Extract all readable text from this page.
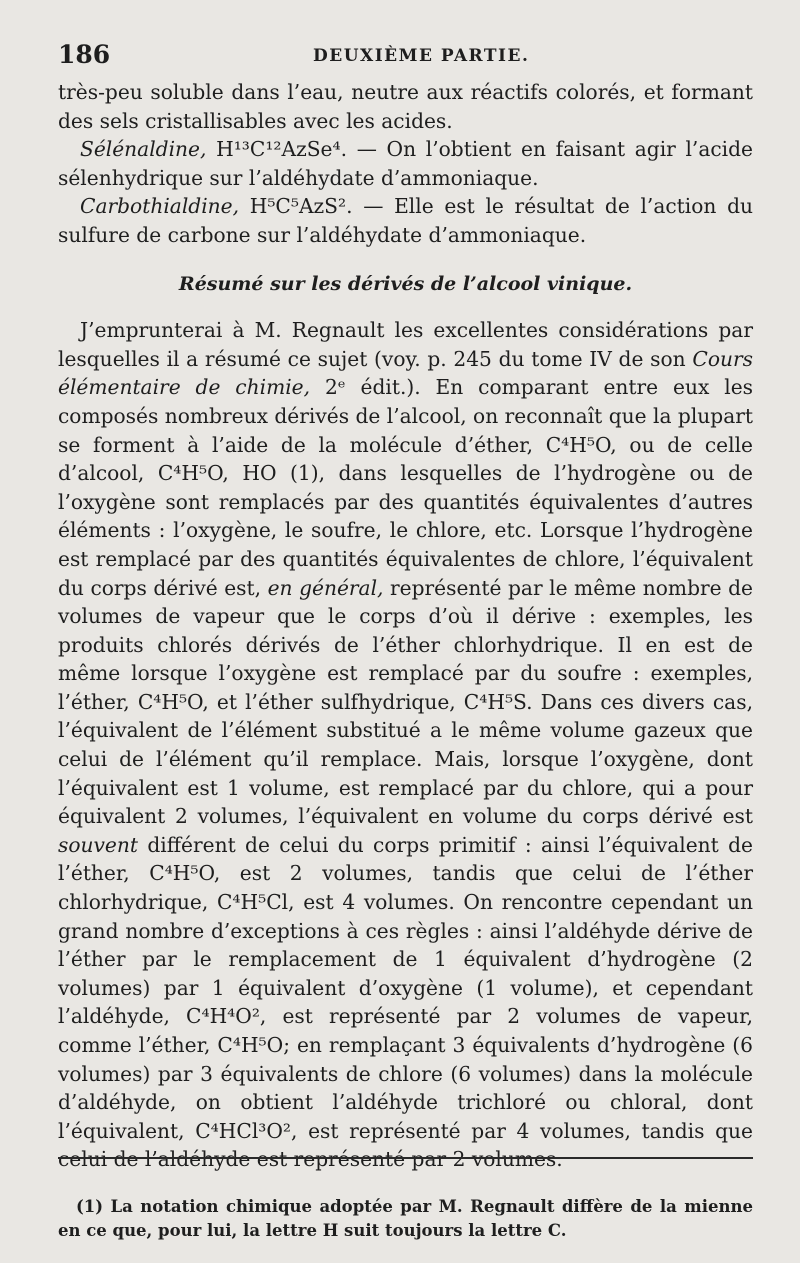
186	DEUXIÈME PARTIE.

très-peu soluble dans l’eau, neutre aux réactifs colorés, et formant des sels cristallisables avec les acides.

Sélénaldine, H¹³C¹²AzSe⁴. — On l’obtient en faisant agir l’acide sélenhydrique sur l’aldéhydate d’ammoniaque.

Carbothialdine, H⁵C⁵AzS². — Elle est le résultat de l’action du sulfure de carbone sur l’aldéhydate d’ammoniaque.

Résumé sur les dérivés de l’alcool vinique.

J’emprunterai à M. Regnault les excellentes considérations par lesquelles il a résumé ce sujet (voy. p. 245 du tome IV de son Cours élémentaire de chimie, 2ᵉ édit.). En comparant entre eux les composés nombreux dérivés de l’alcool, on reconnaît que la plupart se forment à l’aide de la molécule d’éther, C⁴H⁵O, ou de celle d’alcool, C⁴H⁵O, HO (1), dans lesquelles de l’hydrogène ou de l’oxygène sont remplacés par des quantités équivalentes d’autres éléments : l’oxygène, le soufre, le chlore, etc. Lorsque l’hydrogène est remplacé par des quantités équivalentes de chlore, l’équivalent du corps dérivé est, en général, représenté par le même nombre de volumes de vapeur que le corps d’où il dérive : exemples, les produits chlorés dérivés de l’éther chlorhydrique. Il en est de même lorsque l’oxygène est remplacé par du soufre : exemples, l’éther, C⁴H⁵O, et l’éther sulfhydrique, C⁴H⁵S. Dans ces divers cas, l’équivalent de l’élément substitué a le même volume gazeux que celui de l’élément qu’il remplace. Mais, lorsque l’oxygène, dont l’équivalent est 1 volume, est remplacé par du chlore, qui a pour équivalent 2 volumes, l’équivalent en volume du corps dérivé est souvent différent de celui du corps primitif : ainsi l’équivalent de l’éther, C⁴H⁵O, est 2 volumes, tandis que celui de l’éther chlorhydrique, C⁴H⁵Cl, est 4 volumes. On rencontre cependant un grand nombre d’exceptions à ces règles : ainsi l’aldéhyde dérive de l’éther par le remplacement de 1 équivalent d’hydrogène (2 volumes) par 1 équivalent d’oxygène (1 volume), et cependant l’aldéhyde, C⁴H⁴O², est représenté par 2 volumes de vapeur, comme l’éther, C⁴H⁵O; en remplaçant 3 équivalents d’hydrogène (6 volumes) par 3 équivalents de chlore (6 volumes) dans la molécule d’aldéhyde, on obtient l’aldéhyde trichloré ou chloral, dont l’équivalent, C⁴HCl³O², est représenté par 4 volumes, tandis que celui de l’aldéhyde est représenté par 2 volumes.

(1) La notation chimique adoptée par M. Regnault diffère de la mienne en ce que, pour lui, la lettre H suit toujours la lettre C.
